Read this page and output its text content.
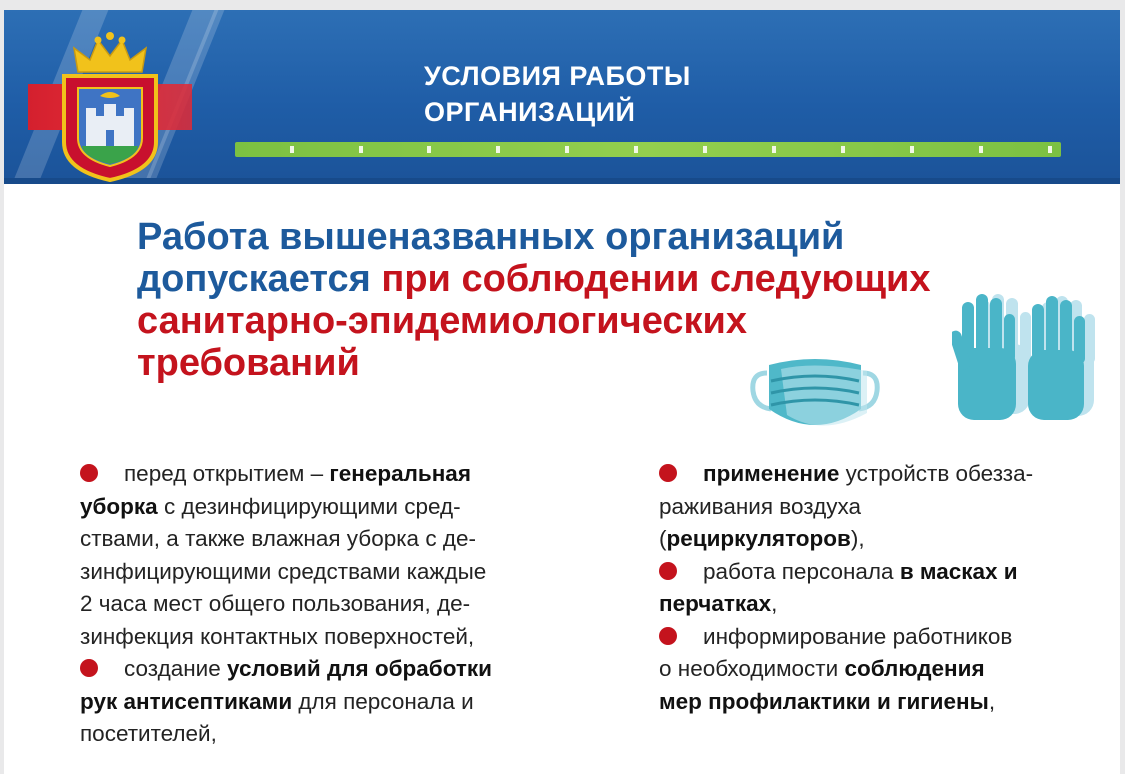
УСЛОВИЯ РАБОТЫ
ОРГАНИЗАЦИЙ
Работа вышеназванных организаций
допускается при соблюдении следующих
санитарно-эпидемиологических
требований
перед открытием – генеральная
уборка с дезинфицирующими сред-
ствами, а также влажная уборка с де-
зинфицирующими средствами каждые
2 часа мест общего пользования, де-
зинфекция контактных поверхностей,
создание условий для обработки
рук антисептиками для персонала и
посетителей,
применение устройств обезза-
раживания воздуха
(рециркуляторов),
работа персонала в масках и
перчатках,
информирование работников
о необходимости соблюдения
мер профилактики и гигиены,
